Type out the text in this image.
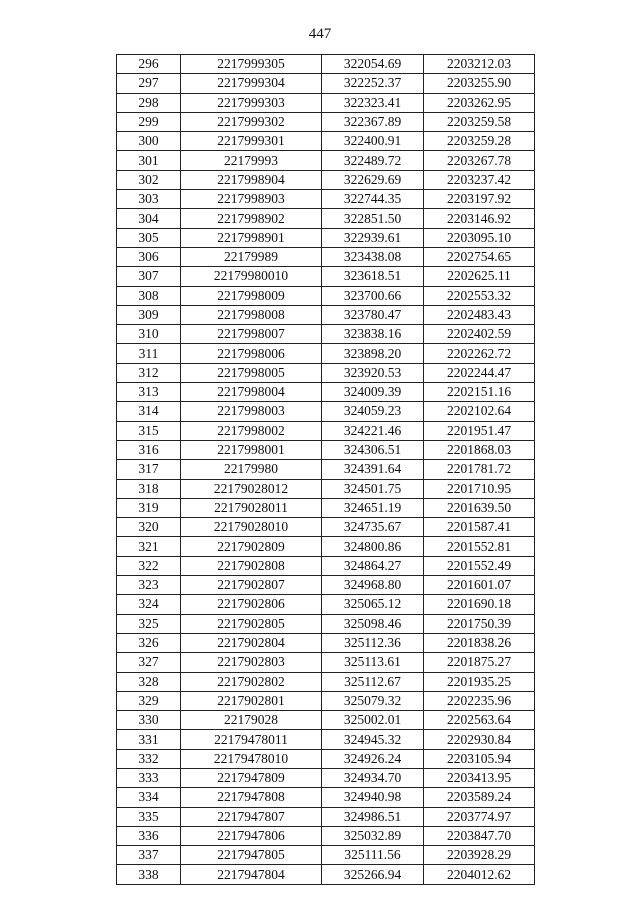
447
296	2217999305	322054.69	2203212.03
297	2217999304	322252.37	2203255.90
298	2217999303	322323.41	2203262.95
299	2217999302	322367.89	2203259.58
300	2217999301	322400.91	2203259.28
301	22179993	322489.72	2203267.78
302	2217998904	322629.69	2203237.42
303	2217998903	322744.35	2203197.92
304	2217998902	322851.50	2203146.92
305	2217998901	322939.61	2203095.10
306	22179989	323438.08	2202754.65
307	22179980010	323618.51	2202625.11
308	2217998009	323700.66	2202553.32
309	2217998008	323780.47	2202483.43
310	2217998007	323838.16	2202402.59
311	2217998006	323898.20	2202262.72
312	2217998005	323920.53	2202244.47
313	2217998004	324009.39	2202151.16
314	2217998003	324059.23	2202102.64
315	2217998002	324221.46	2201951.47
316	2217998001	324306.51	2201868.03
317	22179980	324391.64	2201781.72
318	22179028012	324501.75	2201710.95
319	22179028011	324651.19	2201639.50
320	22179028010	324735.67	2201587.41
321	2217902809	324800.86	2201552.81
322	2217902808	324864.27	2201552.49
323	2217902807	324968.80	2201601.07
324	2217902806	325065.12	2201690.18
325	2217902805	325098.46	2201750.39
326	2217902804	325112.36	2201838.26
327	2217902803	325113.61	2201875.27
328	2217902802	325112.67	2201935.25
329	2217902801	325079.32	2202235.96
330	22179028	325002.01	2202563.64
331	22179478011	324945.32	2202930.84
332	22179478010	324926.24	2203105.94
333	2217947809	324934.70	2203413.95
334	2217947808	324940.98	2203589.24
335	2217947807	324986.51	2203774.97
336	2217947806	325032.89	2203847.70
337	2217947805	325111.56	2203928.29
338	2217947804	325266.94	2204012.62
